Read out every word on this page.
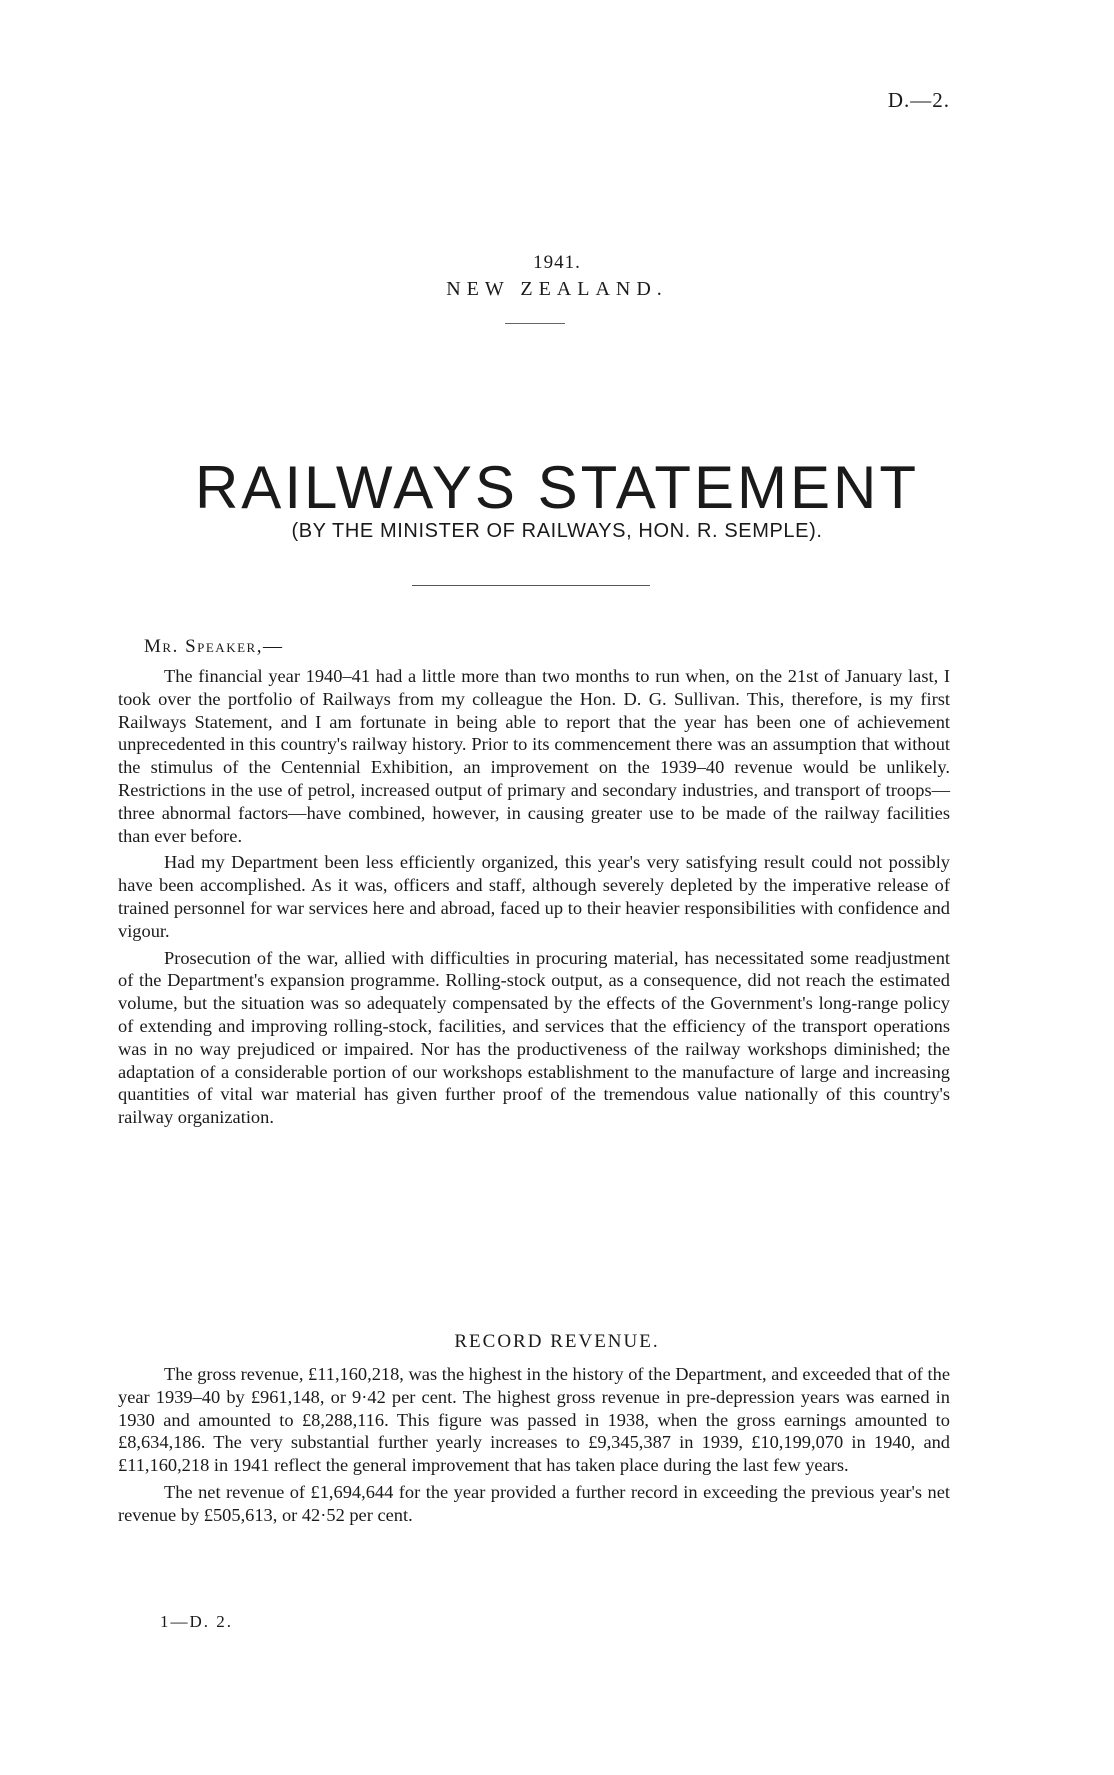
D.—2.
1941.
NEW ZEALAND.
RAILWAYS STATEMENT
(BY THE MINISTER OF RAILWAYS, HON. R. SEMPLE).
Mr. Speaker,—

The financial year 1940–41 had a little more than two months to run when, on the 21st of January last, I took over the portfolio of Railways from my colleague the Hon. D. G. Sullivan. This, therefore, is my first Railways Statement, and I am fortunate in being able to report that the year has been one of achievement unprecedented in this country's railway history. Prior to its commencement there was an assumption that without the stimulus of the Centennial Exhibition, an improvement on the 1939–40 revenue would be unlikely. Restrictions in the use of petrol, increased output of primary and secondary industries, and transport of troops—three abnormal factors—have combined, however, in causing greater use to be made of the railway facilities than ever before.

Had my Department been less efficiently organized, this year's very satisfying result could not possibly have been accomplished. As it was, officers and staff, although severely depleted by the imperative release of trained personnel for war services here and abroad, faced up to their heavier responsibilities with confidence and vigour.

Prosecution of the war, allied with difficulties in procuring material, has necessitated some readjustment of the Department's expansion programme. Rolling-stock output, as a consequence, did not reach the estimated volume, but the situation was so adequately compensated by the effects of the Government's long-range policy of extending and improving rolling-stock, facilities, and services that the efficiency of the transport operations was in no way prejudiced or impaired. Nor has the productiveness of the railway workshops diminished; the adaptation of a considerable portion of our workshops establishment to the manufacture of large and increasing quantities of vital war material has given further proof of the tremendous value nationally of this country's railway organization.

RECORD REVENUE.

The gross revenue, £11,160,218, was the highest in the history of the Department, and exceeded that of the year 1939–40 by £961,148, or 9·42 per cent. The highest gross revenue in pre-depression years was earned in 1930 and amounted to £8,288,116. This figure was passed in 1938, when the gross earnings amounted to £8,634,186. The very substantial further yearly increases to £9,345,387 in 1939, £10,199,070 in 1940, and £11,160,218 in 1941 reflect the general improvement that has taken place during the last few years.

The net revenue of £1,694,644 for the year provided a further record in exceeding the previous year's net revenue by £505,613, or 42·52 per cent.

1—D. 2.
